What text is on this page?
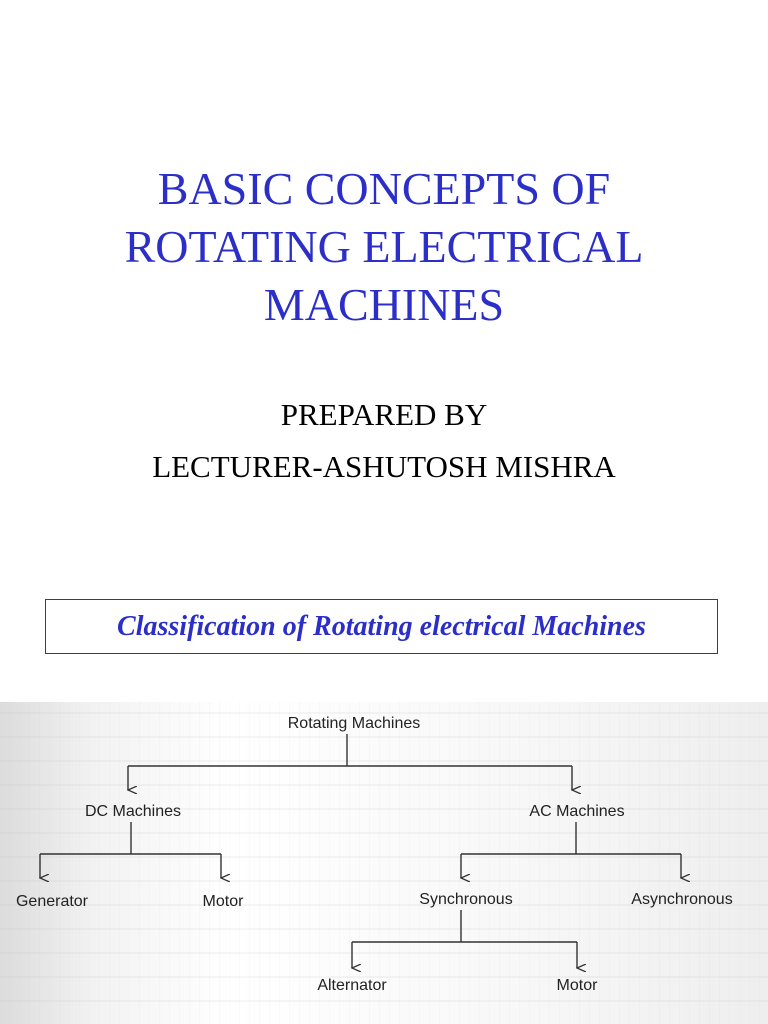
BASIC CONCEPTS OF
ROTATING ELECTRICAL
MACHINES
PREPARED BY
LECTURER-ASHUTOSH MISHRA
Classification of Rotating electrical Machines
Rotating Machines
DC Machines	AC Machines
Generator	Motor	Synchronous	Asynchronous
Alternator	Motor
